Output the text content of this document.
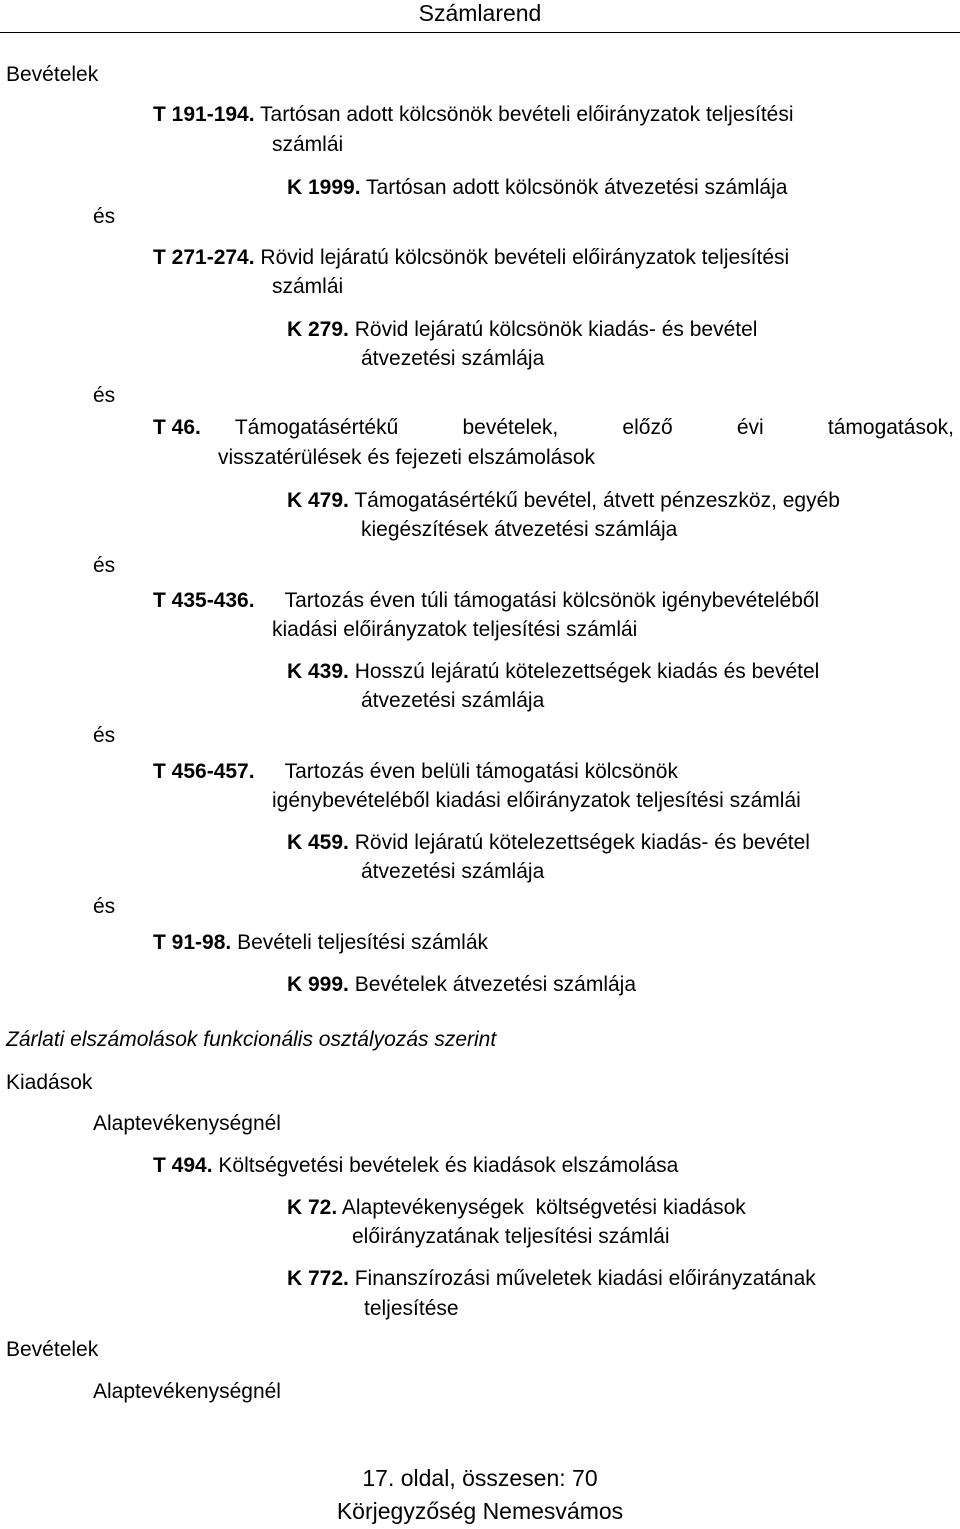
Számlarend
Bevételek
T 191-194. Tartósan adott kölcsönök bevételi előirányzatok teljesítési
számlái
K 1999. Tartósan adott kölcsönök átvezetési számlája
és
T 271-274. Rövid lejáratú kölcsönök bevételi előirányzatok teljesítési
számlái
K 279. Rövid lejáratú kölcsönök kiadás- és bevétel
átvezetési számlája
és
T 46. Támogatásértékű	bevételek,	előző	évi	támogatások,
visszatérülések és fejezeti elszámolások
K 479. Támogatásértékű bevétel, átvett pénzeszköz, egyéb
kiegészítések átvezetési számlája
és
T 435-436. Tartozás éven túli támogatási kölcsönök igénybevételéből
kiadási előirányzatok teljesítési számlái
K 439. Hosszú lejáratú kötelezettségek kiadás és bevétel
átvezetési számlája
és
T 456-457. Tartozás éven belüli támogatási kölcsönök
igénybevételéből kiadási előirányzatok teljesítési számlái
K 459. Rövid lejáratú kötelezettségek kiadás- és bevétel
átvezetési számlája
és
T 91-98. Bevételi teljesítési számlák
K 999. Bevételek átvezetési számlája
Zárlati elszámolások funkcionális osztályozás szerint
Kiadások
Alaptevékenységnél
T 494. Költségvetési bevételek és kiadások elszámolása
K 72. Alaptevékenységek  költségvetési kiadások
előirányzatának teljesítési számlái
K 772. Finanszírozási műveletek kiadási előirányzatának
teljesítése
Bevételek
Alaptevékenységnél
17. oldal, összesen: 70
Körjegyzőség Nemesvámos
